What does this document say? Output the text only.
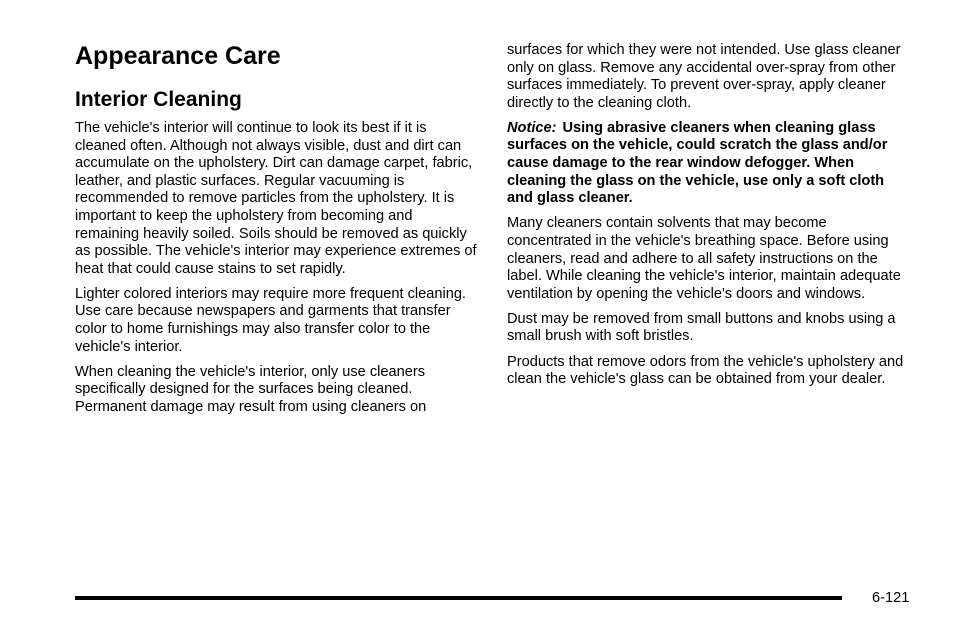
Appearance Care
Interior Cleaning

The vehicle's interior will continue to look its best if it is cleaned often. Although not always visible, dust and dirt can accumulate on the upholstery. Dirt can damage carpet, fabric, leather, and plastic surfaces. Regular vacuuming is recommended to remove particles from the upholstery. It is important to keep the upholstery from becoming and remaining heavily soiled. Soils should be removed as quickly as possible. The vehicle's interior may experience extremes of heat that could cause stains to set rapidly.

Lighter colored interiors may require more frequent cleaning. Use care because newspapers and garments that transfer color to home furnishings may also transfer color to the vehicle's interior.

When cleaning the vehicle's interior, only use cleaners specifically designed for the surfaces being cleaned. Permanent damage may result from using cleaners on

surfaces for which they were not intended. Use glass cleaner only on glass. Remove any accidental over-spray from other surfaces immediately. To prevent over-spray, apply cleaner directly to the cleaning cloth.

Notice: Using abrasive cleaners when cleaning glass surfaces on the vehicle, could scratch the glass and/or cause damage to the rear window defogger. When cleaning the glass on the vehicle, use only a soft cloth and glass cleaner.

Many cleaners contain solvents that may become concentrated in the vehicle's breathing space. Before using cleaners, read and adhere to all safety instructions on the label. While cleaning the vehicle's interior, maintain adequate ventilation by opening the vehicle's doors and windows.

Dust may be removed from small buttons and knobs using a small brush with soft bristles.

Products that remove odors from the vehicle's upholstery and clean the vehicle's glass can be obtained from your dealer.

6-121
